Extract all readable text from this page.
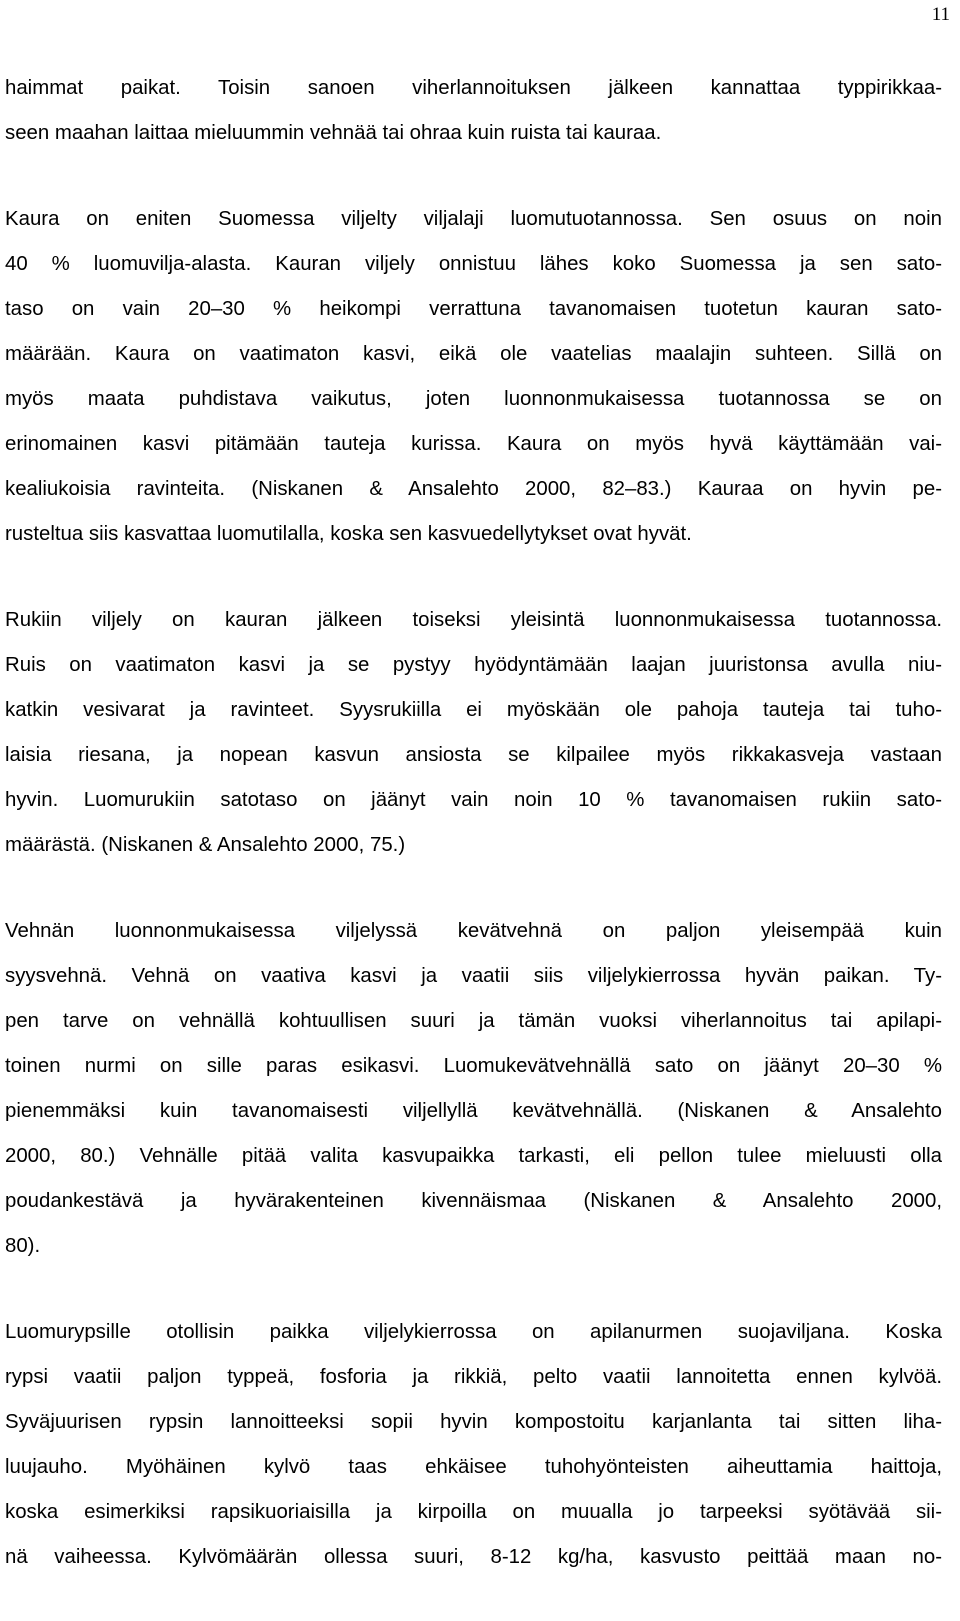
11
haimmat paikat. Toisin sanoen viherlannoituksen jälkeen kannattaa typpirikkaa-
seen maahan laittaa mieluummin vehnää tai ohraa kuin ruista tai kauraa.
Kaura on eniten Suomessa viljelty viljalaji luomutuotannossa. Sen osuus on noin
40 % luomuvilja-alasta. Kauran viljely onnistuu lähes koko Suomessa ja sen sato-
taso on vain 20–30 % heikompi verrattuna tavanomaisen tuotetun kauran sato-
määrään. Kaura on vaatimaton kasvi, eikä ole vaatelias maalajin suhteen. Sillä on
myös maata puhdistava vaikutus, joten luonnonmukaisessa tuotannossa se on
erinomainen kasvi pitämään tauteja kurissa. Kaura on myös hyvä käyttämään vai-
kealiukoisia ravinteita. (Niskanen & Ansalehto 2000, 82–83.) Kauraa on hyvin pe-
rusteltua siis kasvattaa luomutilalla, koska sen kasvuedellytykset ovat hyvät.
Rukiin viljely on kauran jälkeen toiseksi yleisintä luonnonmukaisessa tuotannossa.
Ruis on vaatimaton kasvi ja se pystyy hyödyntämään laajan juuristonsa avulla niu-
katkin vesivarat ja ravinteet. Syysrukiilla ei myöskään ole pahoja tauteja tai tuho-
laisia riesana, ja nopean kasvun ansiosta se kilpailee myös rikkakasveja vastaan
hyvin. Luomurukiin satotaso on jäänyt vain noin 10 % tavanomaisen rukiin sato-
määrästä. (Niskanen & Ansalehto 2000, 75.)
Vehnän luonnonmukaisessa viljelyssä kevätvehnä on paljon yleisempää kuin
syysvehnä. Vehnä on vaativa kasvi ja vaatii siis viljelykierrossa hyvän paikan. Ty-
pen tarve on vehnällä kohtuullisen suuri ja tämän vuoksi viherlannoitus tai apilapi-
toinen nurmi on sille paras esikasvi. Luomukevätvehnällä sato on jäänyt 20–30 %
pienemmäksi kuin tavanomaisesti viljellyllä kevätvehnällä. (Niskanen & Ansalehto
2000, 80.) Vehnälle pitää valita kasvupaikka tarkasti, eli pellon tulee mieluusti olla
poudankestävä ja hyvärakenteinen kivennäismaa (Niskanen & Ansalehto 2000,
80).
Luomurypsille otollisin paikka viljelykierrossa on apilanurmen suojaviljana. Koska
rypsi vaatii paljon typpeä, fosforia ja rikkiä, pelto vaatii lannoitetta ennen kylvöä.
Syväjuurisen rypsin lannoitteeksi sopii hyvin kompostoitu karjanlanta tai sitten liha-
luujauho. Myöhäinen kylvö taas ehkäisee tuhohyönteisten aiheuttamia haittoja,
koska esimerkiksi rapsikuoriaisilla ja kirpoilla on muualla jo tarpeeksi syötävää sii-
nä vaiheessa. Kylvömäärän ollessa suuri, 8-12 kg/ha, kasvusto peittää maan no-
